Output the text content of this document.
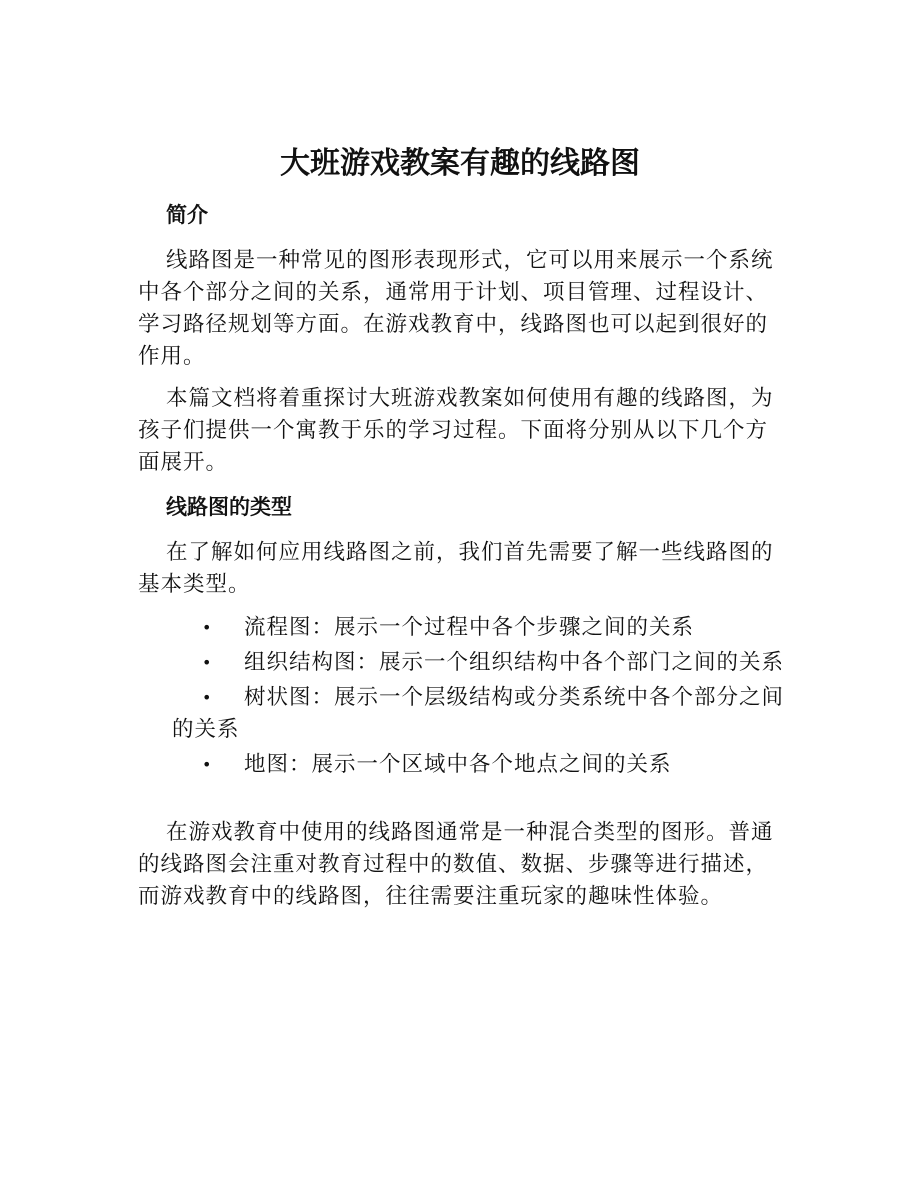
大班游戏教案有趣的线路图
简介

线路图是一种常见的图形表现形式，它可以用来展示一个系统中各个部分之间的关系，通常用于计划、项目管理、过程设计、学习路径规划等方面。在游戏教育中，线路图也可以起到很好的作用。

本篇文档将着重探讨大班游戏教案如何使用有趣的线路图，为孩子们提供一个寓教于乐的学习过程。下面将分别从以下几个方面展开。

线路图的类型

在了解如何应用线路图之前，我们首先需要了解一些线路图的基本类型。

• 流程图：展示一个过程中各个步骤之间的关系
• 组织结构图：展示一个组织结构中各个部门之间的关系
• 树状图：展示一个层级结构或分类系统中各个部分之间的关系
• 地图：展示一个区域中各个地点之间的关系

在游戏教育中使用的线路图通常是一种混合类型的图形。普通的线路图会注重对教育过程中的数值、数据、步骤等进行描述，而游戏教育中的线路图，往往需要注重玩家的趣味性体验。
